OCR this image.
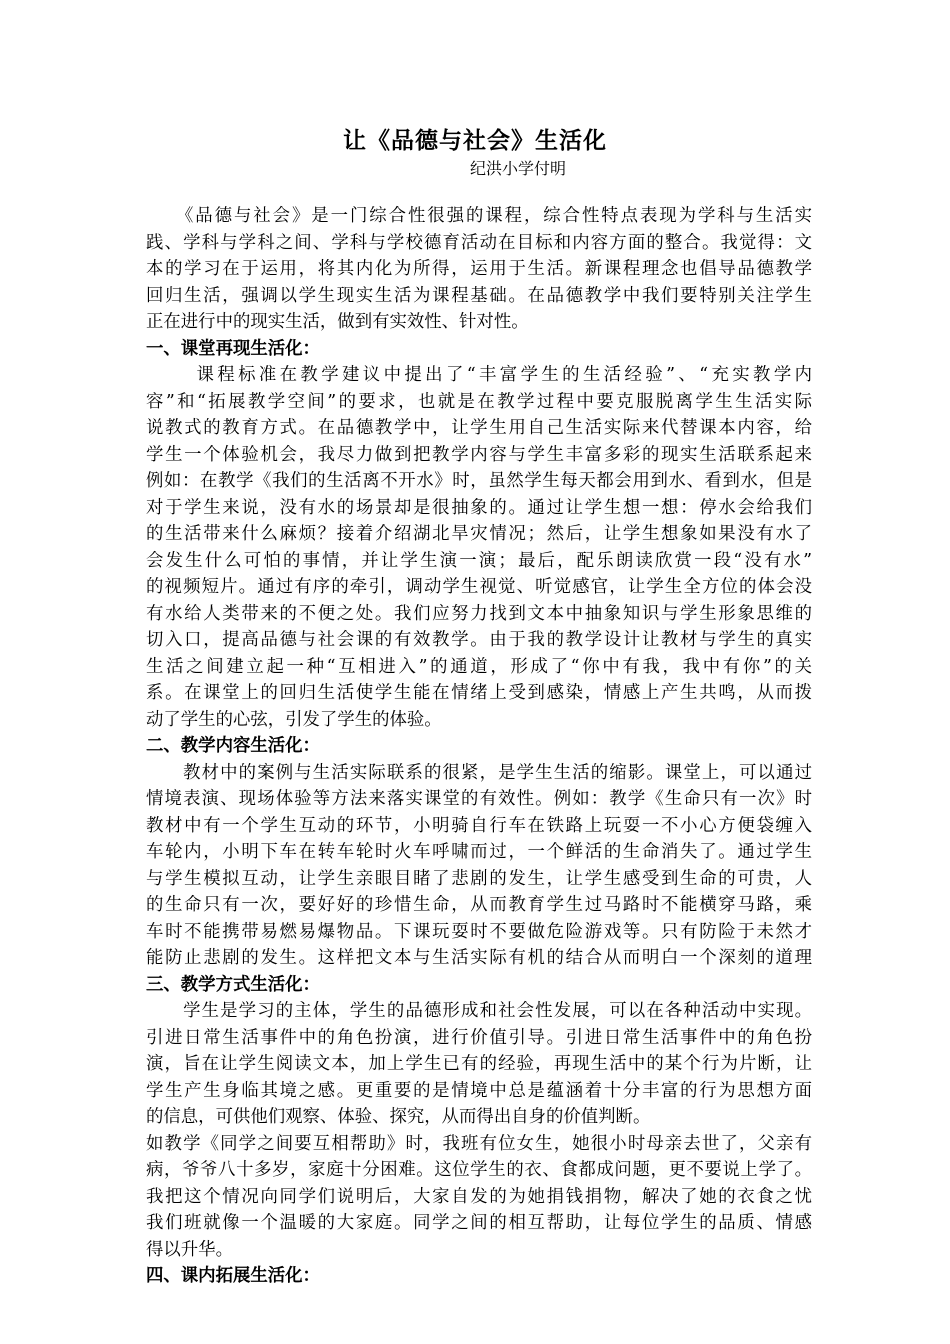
让《品德与社会》生活化
纪洪小学付明
　　《品德与社会》是一门综合性很强的课程，综合性特点表现为学科与生活实
践、学科与学科之间、学科与学校德育活动在目标和内容方面的整合。我觉得：文
本的学习在于运用，将其内化为所得，运用于生活。新课程理念也倡导品德教学
回归生活，强调以学生现实生活为课程基础。在品德教学中我们要特别关注学生
正在进行中的现实生活，做到有实效性、针对性。
一、课堂再现生活化：
　　 课程标准在教学建议中提出了“丰富学生的生活经验”、“充实教学内
容”和“拓展教学空间”的要求，也就是在教学过程中要克服脱离学生生活实际
说教式的教育方式。在品德教学中，让学生用自己生活实际来代替课本内容，给
学生一个体验机会，我尽力做到把教学内容与学生丰富多彩的现实生活联系起来
例如：在教学《我们的生活离不开水》时，虽然学生每天都会用到水、看到水，但是
对于学生来说，没有水的场景却是很抽象的。通过让学生想一想：停水会给我们
的生活带来什么麻烦？接着介绍湖北旱灾情况；然后，让学生想象如果没有水了
会发生什么可怕的事情，并让学生演一演；最后，配乐朗读欣赏一段“没有水”
的视频短片。通过有序的牵引，调动学生视觉、听觉感官，让学生全方位的体会没
有水给人类带来的不便之处。我们应努力找到文本中抽象知识与学生形象思维的
切入口，提高品德与社会课的有效教学。由于我的教学设计让教材与学生的真实
生活之间建立起一种“互相进入”的通道，形成了“你中有我，我中有你”的关
系。在课堂上的回归生活使学生能在情绪上受到感染，情感上产生共鸣，从而拨
动了学生的心弦，引发了学生的体验。
二、教学内容生活化：
　　教材中的案例与生活实际联系的很紧，是学生生活的缩影。课堂上，可以通过
情境表演、现场体验等方法来落实课堂的有效性。例如：教学《生命只有一次》时
教材中有一个学生互动的环节，小明骑自行车在铁路上玩耍一不小心方便袋缠入
车轮内，小明下车在转车轮时火车呼啸而过，一个鲜活的生命消失了。通过学生
与学生模拟互动，让学生亲眼目睹了悲剧的发生，让学生感受到生命的可贵，人
的生命只有一次，要好好的珍惜生命，从而教育学生过马路时不能横穿马路，乘
车时不能携带易燃易爆物品。下课玩耍时不要做危险游戏等。只有防险于未然才
能防止悲剧的发生。这样把文本与生活实际有机的结合从而明白一个深刻的道理
三、教学方式生活化：
　　学生是学习的主体，学生的品德形成和社会性发展，可以在各种活动中实现。
引进日常生活事件中的角色扮演，进行价值引导。引进日常生活事件中的角色扮
演，旨在让学生阅读文本，加上学生已有的经验，再现生活中的某个行为片断，让
学生产生身临其境之感。更重要的是情境中总是蕴涵着十分丰富的行为思想方面
的信息，可供他们观察、体验、探究，从而得出自身的价值判断。
如教学《同学之间要互相帮助》时，我班有位女生，她很小时母亲去世了，父亲有
病，爷爷八十多岁，家庭十分困难。这位学生的衣、食都成问题，更不要说上学了。
我把这个情况向同学们说明后，大家自发的为她捐钱捐物，解决了她的衣食之忧
我们班就像一个温暖的大家庭。同学之间的相互帮助，让每位学生的品质、情感
得以升华。
四、课内拓展生活化：
